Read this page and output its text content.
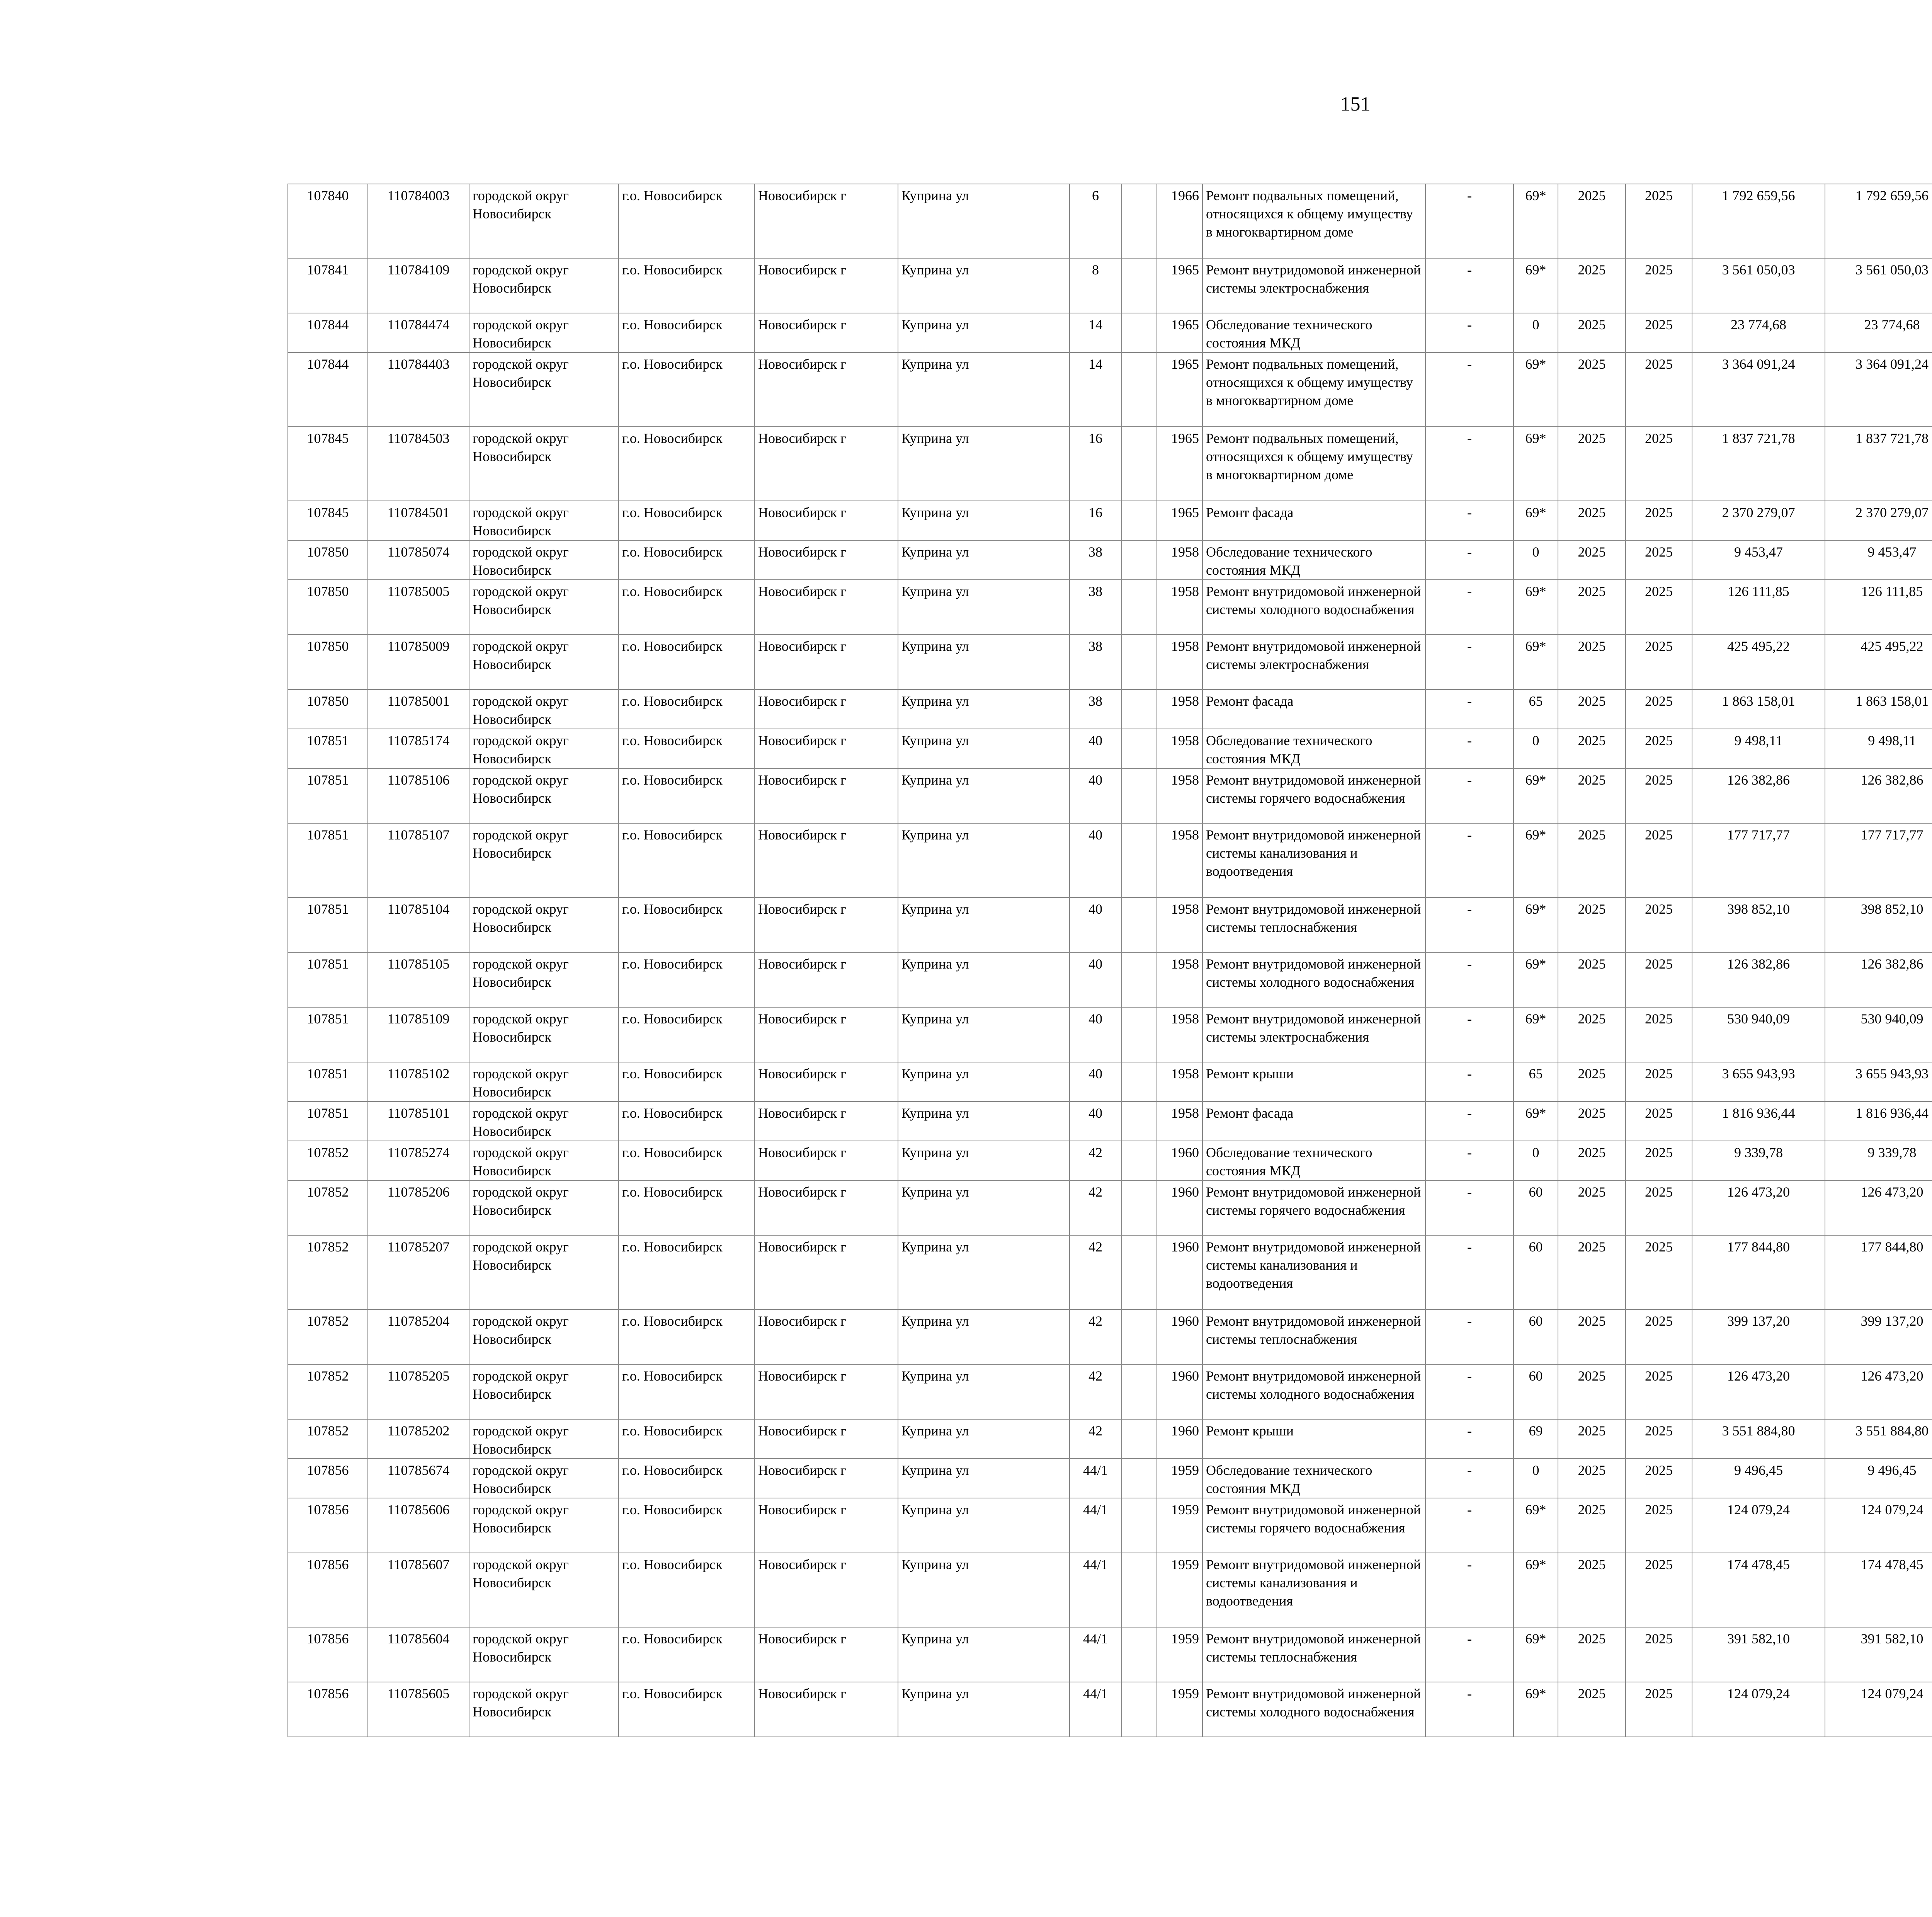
151
107840	110784003	городской округ Новосибирск	г.о. Новосибирск	Новосибирск г	Куприна ул	6		1966	Ремонт подвальных помещений, относящихся к общему имуществу в многоквартирном доме	-	69*	2025	2025	1 792 659,56	1 792 659,56						
107841	110784109	городской округ Новосибирск	г.о. Новосибирск	Новосибирск г	Куприна ул	8		1965	Ремонт внутридомовой инженерной системы электроснабжения	-	69*	2025	2025	3 561 050,03	3 561 050,03						
107844	110784474	городской округ Новосибирск	г.о. Новосибирск	Новосибирск г	Куприна ул	14		1965	Обследование технического состояния МКД	-	0	2025	2025	23 774,68	23 774,68						
107844	110784403	городской округ Новосибирск	г.о. Новосибирск	Новосибирск г	Куприна ул	14		1965	Ремонт подвальных помещений, относящихся к общему имуществу в многоквартирном доме	-	69*	2025	2025	3 364 091,24	3 364 091,24						
107845	110784503	городской округ Новосибирск	г.о. Новосибирск	Новосибирск г	Куприна ул	16		1965	Ремонт подвальных помещений, относящихся к общему имуществу в многоквартирном доме	-	69*	2025	2025	1 837 721,78	1 837 721,78						
107845	110784501	городской округ Новосибирск	г.о. Новосибирск	Новосибирск г	Куприна ул	16		1965	Ремонт фасада	-	69*	2025	2025	2 370 279,07	2 370 279,07						
107850	110785074	городской округ Новосибирск	г.о. Новосибирск	Новосибирск г	Куприна ул	38		1958	Обследование технического состояния МКД	-	0	2025	2025	9 453,47	9 453,47						
107850	110785005	городской округ Новосибирск	г.о. Новосибирск	Новосибирск г	Куприна ул	38		1958	Ремонт внутридомовой инженерной системы холодного водоснабжения	-	69*	2025	2025	126 111,85	126 111,85						
107850	110785009	городской округ Новосибирск	г.о. Новосибирск	Новосибирск г	Куприна ул	38		1958	Ремонт внутридомовой инженерной системы электроснабжения	-	69*	2025	2025	425 495,22	425 495,22						
107850	110785001	городской округ Новосибирск	г.о. Новосибирск	Новосибирск г	Куприна ул	38		1958	Ремонт фасада	-	65	2025	2025	1 863 158,01	1 863 158,01						
107851	110785174	городской округ Новосибирск	г.о. Новосибирск	Новосибирск г	Куприна ул	40		1958	Обследование технического состояния МКД	-	0	2025	2025	9 498,11	9 498,11						
107851	110785106	городской округ Новосибирск	г.о. Новосибирск	Новосибирск г	Куприна ул	40		1958	Ремонт внутридомовой инженерной системы горячего водоснабжения	-	69*	2025	2025	126 382,86	126 382,86						
107851	110785107	городской округ Новосибирск	г.о. Новосибирск	Новосибирск г	Куприна ул	40		1958	Ремонт внутридомовой инженерной системы канализования и водоотведения	-	69*	2025	2025	177 717,77	177 717,77						
107851	110785104	городской округ Новосибирск	г.о. Новосибирск	Новосибирск г	Куприна ул	40		1958	Ремонт внутридомовой инженерной системы теплоснабжения	-	69*	2025	2025	398 852,10	398 852,10						
107851	110785105	городской округ Новосибирск	г.о. Новосибирск	Новосибирск г	Куприна ул	40		1958	Ремонт внутридомовой инженерной системы холодного водоснабжения	-	69*	2025	2025	126 382,86	126 382,86						
107851	110785109	городской округ Новосибирск	г.о. Новосибирск	Новосибирск г	Куприна ул	40		1958	Ремонт внутридомовой инженерной системы электроснабжения	-	69*	2025	2025	530 940,09	530 940,09						
107851	110785102	городской округ Новосибирск	г.о. Новосибирск	Новосибирск г	Куприна ул	40		1958	Ремонт крыши	-	65	2025	2025	3 655 943,93	3 655 943,93						
107851	110785101	городской округ Новосибирск	г.о. Новосибирск	Новосибирск г	Куприна ул	40		1958	Ремонт фасада	-	69*	2025	2025	1 816 936,44	1 816 936,44						
107852	110785274	городской округ Новосибирск	г.о. Новосибирск	Новосибирск г	Куприна ул	42		1960	Обследование технического состояния МКД	-	0	2025	2025	9 339,78	9 339,78						
107852	110785206	городской округ Новосибирск	г.о. Новосибирск	Новосибирск г	Куприна ул	42		1960	Ремонт внутридомовой инженерной системы горячего водоснабжения	-	60	2025	2025	126 473,20	126 473,20						
107852	110785207	городской округ Новосибирск	г.о. Новосибирск	Новосибирск г	Куприна ул	42		1960	Ремонт внутридомовой инженерной системы канализования и водоотведения	-	60	2025	2025	177 844,80	177 844,80						
107852	110785204	городской округ Новосибирск	г.о. Новосибирск	Новосибирск г	Куприна ул	42		1960	Ремонт внутридомовой инженерной системы теплоснабжения	-	60	2025	2025	399 137,20	399 137,20						
107852	110785205	городской округ Новосибирск	г.о. Новосибирск	Новосибирск г	Куприна ул	42		1960	Ремонт внутридомовой инженерной системы холодного водоснабжения	-	60	2025	2025	126 473,20	126 473,20						
107852	110785202	городской округ Новосибирск	г.о. Новосибирск	Новосибирск г	Куприна ул	42		1960	Ремонт крыши	-	69	2025	2025	3 551 884,80	3 551 884,80						
107856	110785674	городской округ Новосибирск	г.о. Новосибирск	Новосибирск г	Куприна ул	44/1		1959	Обследование технического состояния МКД	-	0	2025	2025	9 496,45	9 496,45						
107856	110785606	городской округ Новосибирск	г.о. Новосибирск	Новосибирск г	Куприна ул	44/1		1959	Ремонт внутридомовой инженерной системы горячего водоснабжения	-	69*	2025	2025	124 079,24	124 079,24						
107856	110785607	городской округ Новосибирск	г.о. Новосибирск	Новосибирск г	Куприна ул	44/1		1959	Ремонт внутридомовой инженерной системы канализования и водоотведения	-	69*	2025	2025	174 478,45	174 478,45						
107856	110785604	городской округ Новосибирск	г.о. Новосибирск	Новосибирск г	Куприна ул	44/1		1959	Ремонт внутридомовой инженерной системы теплоснабжения	-	69*	2025	2025	391 582,10	391 582,10						
107856	110785605	городской округ Новосибирск	г.о. Новосибирск	Новосибирск г	Куприна ул	44/1		1959	Ремонт внутридомовой инженерной системы холодного водоснабжения	-	69*	2025	2025	124 079,24	124 079,24						
